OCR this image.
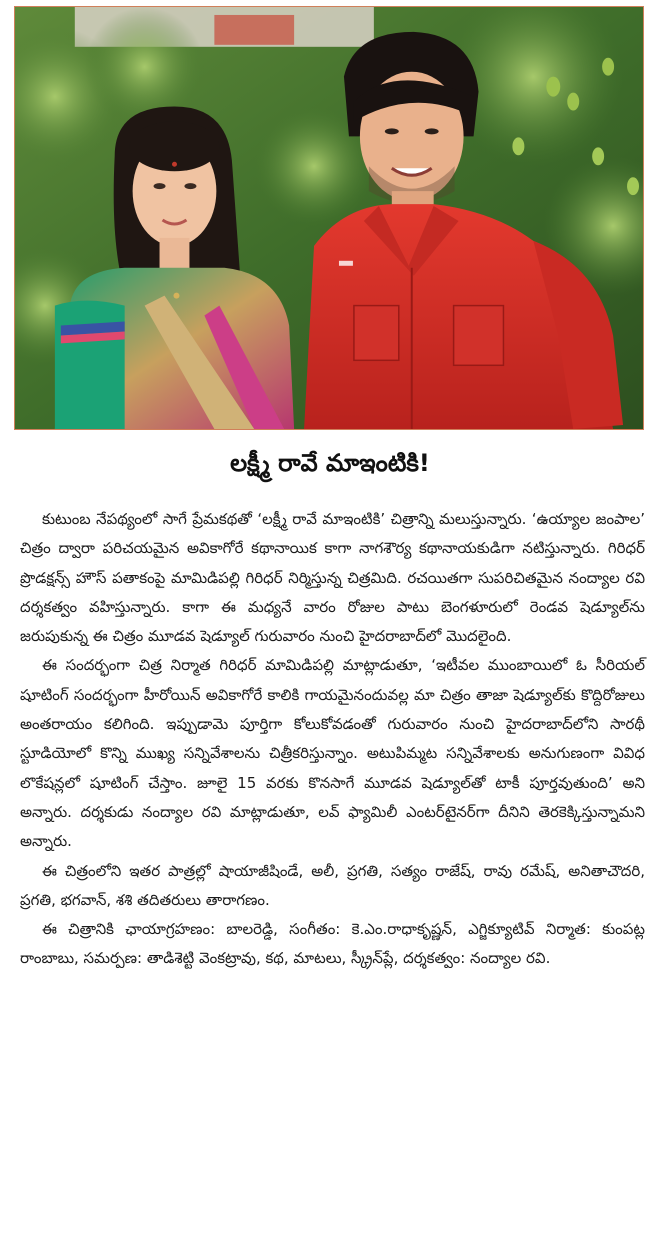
లక్ష్మీ రావే మాఇంటికి!

కుటుంబ నేపథ్యంలో సాగే ప్రేమకథతో ‘లక్ష్మీ రావే మాఇంటికి’ చిత్రాన్ని మలుస్తున్నారు. ‘ఉయ్యాల జంపాల’ చిత్రం ద్వారా పరిచయమైన అవికాగోరే కథానాయిక కాగా నాగశౌర్య కథానాయకుడిగా నటిస్తున్నారు. గిరిధర్ ప్రొడక్షన్స్ హౌస్ పతాకంపై మామిడిపల్లి గిరిధర్ నిర్మిస్తున్న చిత్రమిది. రచయితగా సుపరిచితమైన నంద్యాల రవి దర్శకత్వం వహిస్తున్నారు. కాగా ఈ మధ్యనే వారం రోజుల పాటు బెంగళూరులో రెండవ షెడ్యూల్‌ను జరుపుకున్న ఈ చిత్రం మూడవ షెడ్యూల్ గురువారం నుంచి హైదరాబాద్‌లో మొదలైంది.

ఈ సందర్భంగా చిత్ర నిర్మాత గిరిధర్ మామిడిపల్లి మాట్లాడుతూ, ‘ఇటీవల ముంబాయిలో ఓ సీరియల్ షూటింగ్ సందర్భంగా హీరోయిన్ అవికాగోరే కాలికి గాయమైనందువల్ల మా చిత్రం తాజా షెడ్యూల్‌కు కొద్దిరోజులు అంతరాయం కలిగింది. ఇప్పుడామె పూర్తిగా కోలుకోవడంతో గురువారం నుంచి హైదరాబాద్‌లోని సారథీ స్టూడియోలో కొన్ని ముఖ్య సన్నివేశాలను చిత్రీకరిస్తున్నాం. అటుపిమ్మట సన్నివేశాలకు అనుగుణంగా వివిధ లొకేషన్లలో షూటింగ్ చేస్తాం. జూలై 15 వరకు కొనసాగే మూడవ షెడ్యూల్‌తో టాకీ పూర్తవుతుంది’ అని అన్నారు. దర్శకుడు నంద్యాల రవి మాట్లాడుతూ, లవ్ ఫ్యామిలీ ఎంటర్‌టైనర్‌గా దీనిని తెరకెక్కిస్తున్నామని అన్నారు.

ఈ చిత్రంలోని ఇతర పాత్రల్లో షాయాజీషిండే, అలీ, ప్రగతి, సత్యం రాజేష్, రావు రమేష్, అనితాచౌదరి, ప్రగతి, భగవాన్, శశి తదితరులు తారాగణం.

ఈ చిత్రానికి ఛాయాగ్రహణం: బాలరెడ్డి, సంగీతం: కె.ఎం.రాధాకృష్ణన్, ఎగ్జిక్యూటివ్ నిర్మాత: కుంపట్ల రాంబాబు, సమర్పణ: తాడిశెట్టి వెంకట్రావు, కథ, మాటలు, స్క్రీన్‌ప్లే, దర్శకత్వం: నంద్యాల రవి.
